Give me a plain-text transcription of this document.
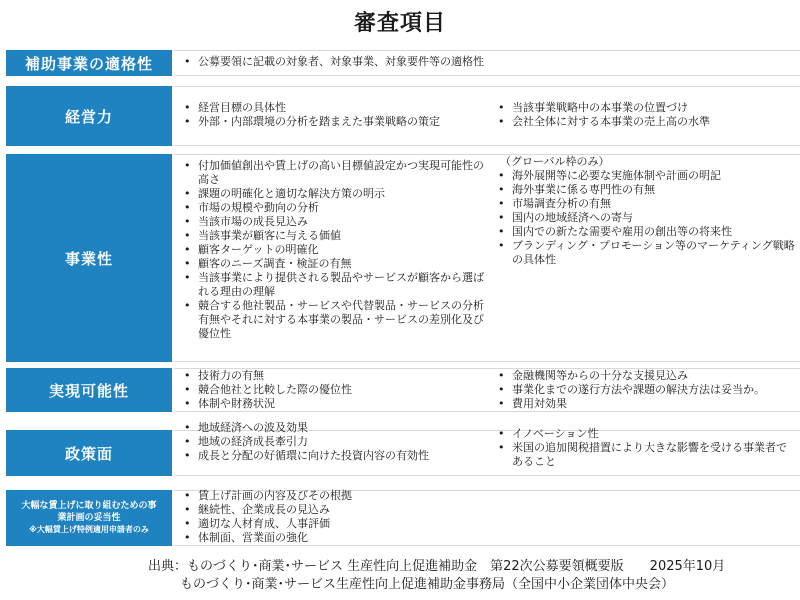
審査項目
補助事業の適格性	• 公募要領に記載の対象者、対象事業、対象要件等の適格性
経営力	• 経営目標の具体性
• 外部・内部環境の分析を踏まえた事業戦略の策定
• 当該事業戦略中の本事業の位置づけ
• 会社全体に対する本事業の売上高の水準
事業性
• 付加価値創出や賃上げの高い目標値設定かつ実現可能性の高さ
• 課題の明確化と適切な解決方策の明示
• 市場の規模や動向の分析
• 当該市場の成長見込み
• 当該事業が顧客に与える価値
• 顧客ターゲットの明確化
• 顧客のニーズ調査・検証の有無
• 当該事業により提供される製品やサービスが顧客から選ばれる理由の理解
• 競合する他社製品・サービスや代替製品・サービスの分析有無やそれに対する本事業の製品・サービスの差別化及び優位性
（グローバル枠のみ）
• 海外展開等に必要な実施体制や計画の明記
• 海外事業に係る専門性の有無
• 市場調査分析の有無
• 国内の地域経済への寄与
• 国内での新たな需要や雇用の創出等の将来性
• ブランディング・プロモーション等のマーケティング戦略の具体性
実現可能性
• 技術力の有無
• 競合他社と比較した際の優位性
• 体制や財務状況
• 金融機関等からの十分な支援見込み
• 事業化までの遂行方法や課題の解決方法は妥当か。
• 費用対効果
政策面
• 地域経済への波及効果
• 地域の経済成長牽引力
• 成長と分配の好循環に向けた投資内容の有効性
• イノベーション性
• 米国の追加関税措置により大きな影響を受ける事業者であること
大幅な賃上げに取り組むための事業計画の妥当性
※大幅賃上げ特例適用申請者のみ
• 賃上げ計画の内容及びその根拠
• 継続性、企業成長の見込み
• 適切な人材育成、人事評価
• 体制面、営業面の強化
出典：ものづくり･商業･サービス 生産性向上促進補助金　第22次公募要領概要版　　2025年10月
ものづくり･商業･サービス生産性向上促進補助金事務局（全国中小企業団体中央会）
